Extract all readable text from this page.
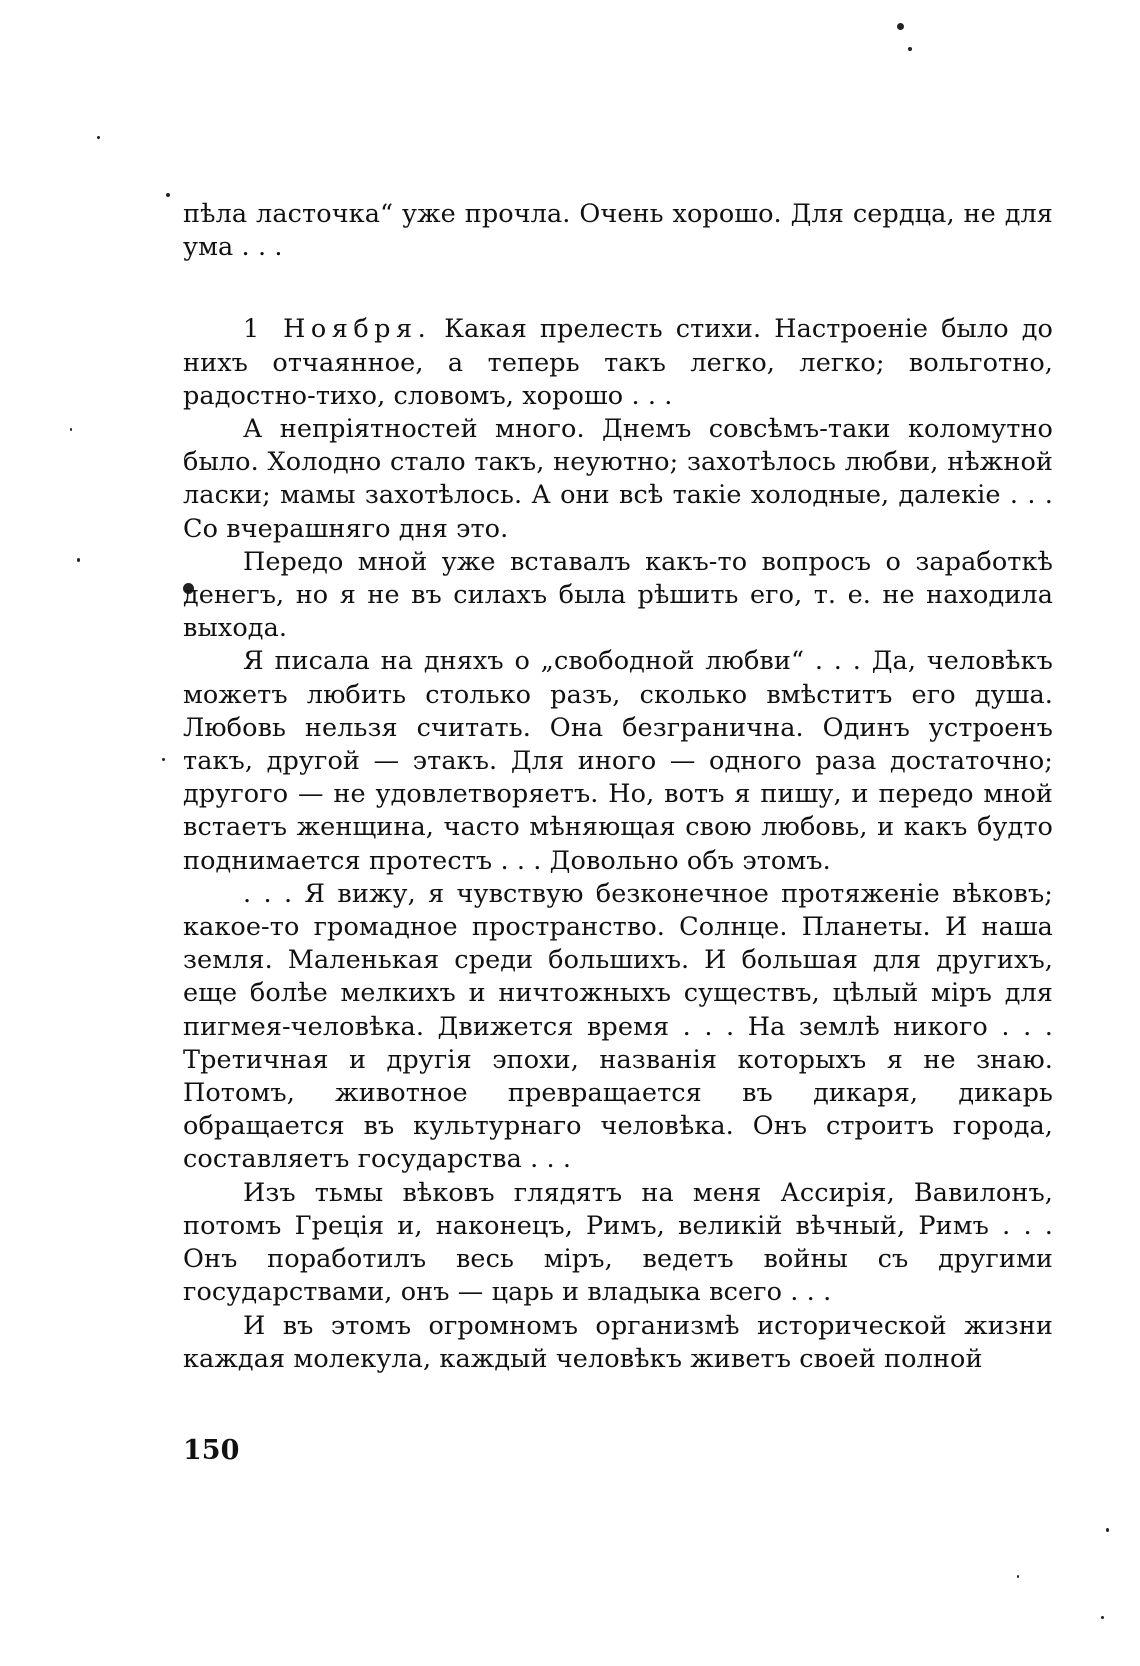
пѣла ласточка“ уже прочла. Очень хорошо. Для сердца, не для ума . . .

1 Ноября. Какая прелесть стихи. Настроеніе было до нихъ отчаянное, а теперь такъ легко, легко; вольготно, радостно-тихо, словомъ, хорошо . . .

А непріятностей много. Днемъ совсѣмъ-таки коломутно было. Холодно стало такъ, неуютно; захотѣлось любви, нѣжной ласки; мамы захотѣлось. А они всѣ такіе холодные, далекіе . . . Со вчерашняго дня это.

Передо мной уже вставалъ какъ-то вопросъ о заработкѣ денегъ, но я не въ силахъ была рѣшить его, т. е. не находила выхода.

Я писала на дняхъ о „свободной любви“ . . . Да, человѣкъ можетъ любить столько разъ, сколько вмѣститъ его душа. Любовь нельзя считать. Она безгранична. Одинъ устроенъ такъ, другой — этакъ. Для иного — одного раза достаточно; другого — не удовлетворяетъ. Но, вотъ я пишу, и передо мной встаетъ женщина, часто мѣняющая свою любовь, и какъ будто поднимается протестъ . . . Довольно объ этомъ.

. . . Я вижу, я чувствую безконечное протяженіе вѣковъ; какое-то громадное пространство. Солнце. Планеты. И наша земля. Маленькая среди большихъ. И большая для другихъ, еще болѣе мелкихъ и ничтожныхъ существъ, цѣлый міръ для пигмея-человѣка. Движется время . . . На землѣ никого . . . Третичная и другія эпохи, названія которыхъ я не знаю. Потомъ, животное превращается въ дикаря, дикарь обращается въ культурнаго человѣка. Онъ строитъ города, составляетъ государства . . .

Изъ тьмы вѣковъ глядятъ на меня Ассирія, Вавилонъ, потомъ Греція и, наконецъ, Римъ, великій вѣчный, Римъ . . . Онъ поработилъ весь міръ, ведетъ войны съ другими государствами, онъ — царь и владыка всего . . .

И въ этомъ огромномъ организмѣ исторической жизни каждая молекула, каждый человѣкъ живетъ своей полной

150
